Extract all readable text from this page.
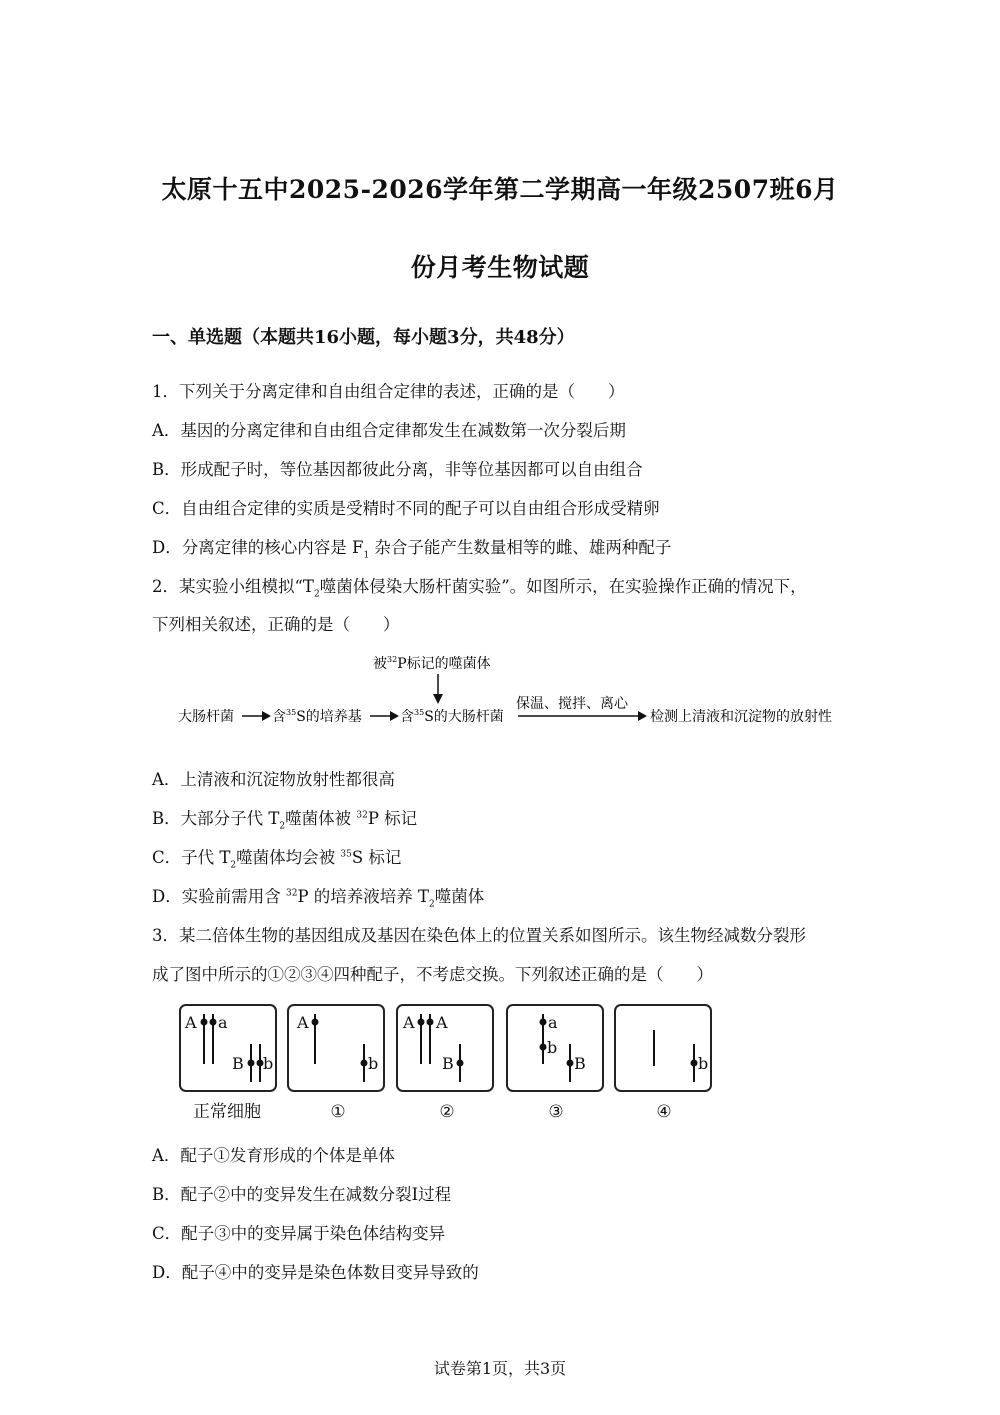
太原十五中2025-2026学年第二学期高一年级2507班6月
份月考生物试题
一、单选题（本题共16小题，每小题3分，共48分）
1．下列关于分离定律和自由组合定律的表述，正确的是（　　）
A．基因的分离定律和自由组合定律都发生在减数第一次分裂后期
B．形成配子时，等位基因都彼此分离，非等位基因都可以自由组合
C．自由组合定律的实质是受精时不同的配子可以自由组合形成受精卵
D．分离定律的核心内容是 $F_1$ 杂合子能产生数量相等的雌、雄两种配子
2．某实验小组模拟“$T_2$噬菌体侵染大肠杆菌实验”。如图所示，在实验操作正确的情况下，
下列相关叙述，正确的是（　　）
被$^{32}$P标记的噬菌体
大肠杆菌	含$^{35}$S的培养基	含$^{35}$S的大肠杆菌
保温、搅拌、离心
检测上清液和沉淀物的放射性
A．上清液和沉淀物放射性都很高
B．大部分子代 $T_2$噬菌体被 $^{32}$P 标记
C．子代 $T_2$噬菌体均会被 $^{35}$S 标记
D．实验前需用含 $^{32}$P 的培养液培养 $T_2$噬菌体
3．某二倍体生物的基因组成及基因在染色体上的位置关系如图所示。该生物经减数分裂形
成了图中所示的①②③④四种配子，不考虑交换。下列叙述正确的是（　　）
A a
B b
A
b
A A
B
a
b
B	b
正常细胞	①	②	③	④
A．配子①发育形成的个体是单体
B．配子②中的变异发生在减数分裂Ⅰ过程
C．配子③中的变异属于染色体结构变异
D．配子④中的变异是染色体数目变异导致的
试卷第1页，共3页
